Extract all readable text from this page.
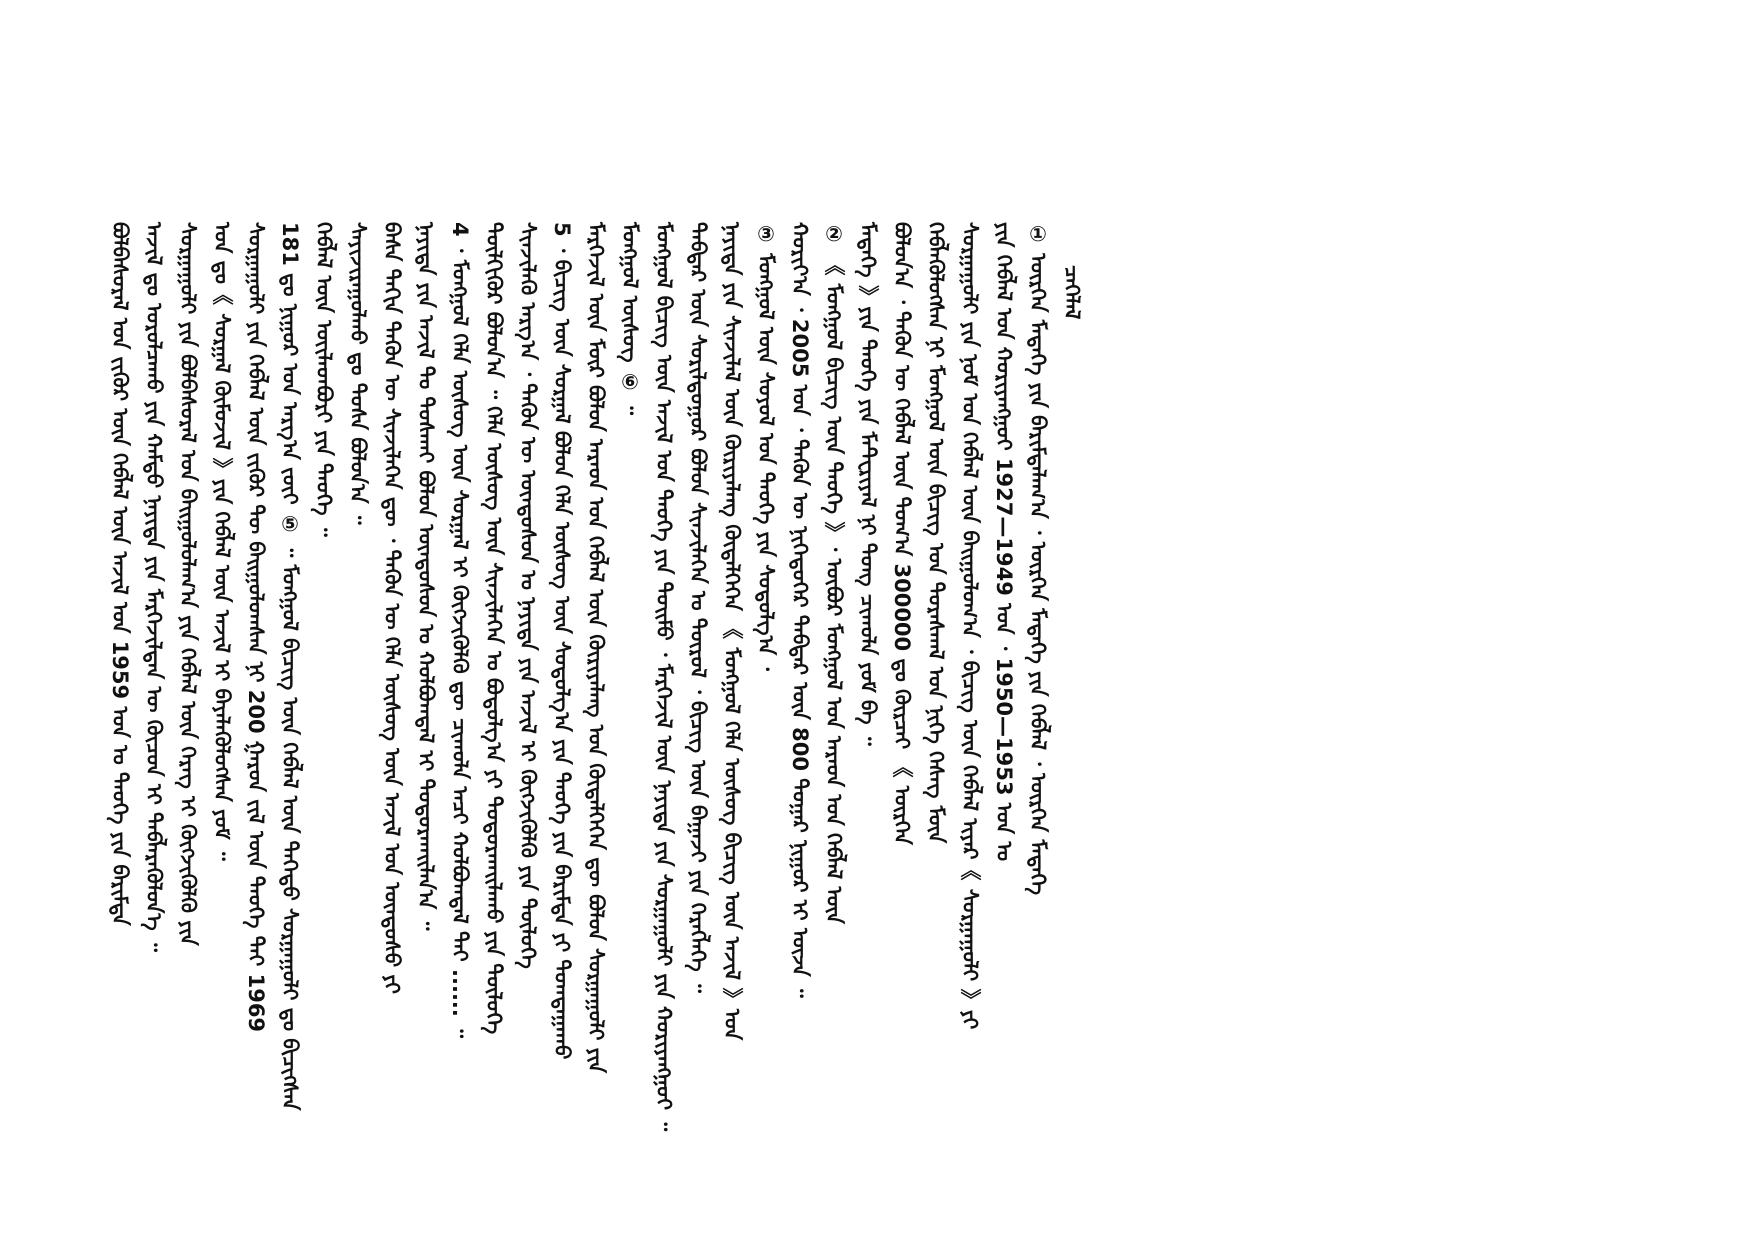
ᠴᠡᠭᠡᠯᠡᠯ
① ᠦᠷᠭᠡᠨ ᠮᠡᠳᠡᠭᠡ ᠶᠢᠨ ᠪᠠᠷᠢᠮᠲᠠᠯᠠᠭ᠎ᠠ ᠂ ᠦᠷᠭᠡᠨ ᠮᠡᠳᠡᠭᠡ ᠶᠢᠨ ᠬᠡᠪᠯᠡᠯ ᠂ ᠦᠷᠭᠡᠨ ᠮᠡᠳᠡᠭᠡ
ᠶᠢᠨ ᠬᠡᠪᠯᠡᠯ ᠤᠨ ᠬᠤᠷᠢᠶᠠᠩᠭᠤᠢ 1927—1949 ᠣᠨ ᠂ 1950—1953 ᠣᠨ ᠤ
ᠰᠤᠷᠭᠠᠭᠤᠯᠢ ᠶᠢᠨ ᠨᠣᠮ ᠤᠨ ᠬᠡᠪᠯᠡᠯ ᠦᠨ ᠪᠠᠢᠭᠤᠯᠤᠭ᠎ᠠ ᠂ ᠪᠢᠴᠢᠭ᠌ ᠦᠨ ᠬᠡᠪᠯᠡᠯ ᠢᠶᠡᠷ《 ᠰᠤᠷᠭᠠᠭᠤᠯᠢ 》ᠶᠢ
ᠬᠡᠪᠯᠡᠭᠦᠯᠦᠭᠰᠡᠨ ᠨᠢ ᠮᠤᠩᠭᠤᠯ ᠦᠨ ᠪᠢᠴᠢᠭ᠌ ᠤᠨ ᠳᠤᠷᠠᠰᠬᠠᠯ ᠤᠨ ᠨᠢᠭᠡ ᠬᠡᠰᠡᠭ ᠮᠥᠨ
ᠪᠤᠯᠤᠨ᠎ᠠ ᠂ ᠲᠡᠭᠦᠨ ᠦ ᠬᠡᠪᠯᠡᠯ ᠦᠨ ᠲᠤᠭ᠎ᠠ 300000 ᠳᠤ ᠬᠦᠷᠴᠡᠢ 《 ᠦᠷᠭᠡᠨ
ᠮᠡᠳᠡᠭᠡ 》ᠶᠢᠨ ᠲᠡᠦᠬᠡ ᠶᠢᠨ ᠮᠠᠲᠧᠷᠢᠶᠠᠯ ᠨᠢ ᠲᠤᠩ ᠴᠢᠬᠤᠯᠠ ᠶᠤᠮ ᠪᠠ ᠃
② 《 ᠮᠤᠩᠭᠤᠯ ᠪᠢᠴᠢᠭ᠌ ᠦᠨ ᠲᠡᠦᠬᠡ 》᠂ ᠦᠪᠦᠷ ᠮᠤᠩᠭᠤᠯ ᠤᠨ ᠠᠷᠠᠳ ᠤᠨ ᠬᠡᠪᠯᠡᠯ ᠦᠨ
ᠬᠣᠷᠢᠶ᠎ᠠ ᠂ 2005 ᠣᠨ ᠂ ᠲᠡᠭᠦᠨ ᠦ ᠨᠢᠭᠡᠳᠦᠭᠡᠷ ᠳᠡᠪᠲᠡᠷ ᠦᠨ 800 ᠳᠤᠭᠠᠷ ᠨᠢᠭᠤᠷ ᠢ ᠦᠵᠡ ᠃
③ ᠮᠣᠩᠭᠣᠯ ᠦᠨ ᠰᠣᠶᠣᠯ ᠤᠨ ᠲᠡᠦᠬᠡ ᠶᠢᠨ ᠰᠣᠳᠤᠯᠭ᠎ᠠ ᠂
ᠨᠡᠶᠢᠲᠡ ᠶᠢᠨ ᠰᠢᠨᠵᠢᠯᠡᠯ ᠦᠨ ᠬᠦᠷᠢᠶᠡᠯᠡᠩ ᠬᠦᠳᠡᠯᠭᠡᠭᠡᠨ 《 ᠮᠣᠩᠭᠣᠯ ᠬᠡᠯᠡ ᠦᠰᠦᠭ ᠪᠢᠴᠢᠭ᠌ ᠦᠨ ᠠᠵᠢᠯ 》ᠤᠨ
ᠳᠡᠪᠲᠡᠷ ᠦᠨ ᠰᠣᠷᠢᠯᠳᠤᠭᠤᠷ ᠪᠣᠯᠤᠨ ᠰᠢᠨᠵᠢᠯᠡᠭᠡᠨ ᠤ ᠲᠦᠷᠦᠯ ᠂ ᠪᠢᠴᠢᠭ᠌ ᠦᠨ ᠪᠠᠭᠠᠵᠢ ᠶᠢᠨ ᠬᠡᠷᠡᠭᠯᠡᠭᠡ ᠃
ᠮᠣᠩᠭᠣᠯ ᠪᠢᠴᠢᠭ᠌ ᠦᠨ ᠠᠵᠢᠯ ᠤᠨ ᠲᠡᠦᠬᠡ ᠶᠢᠨ ᠲᠣᠢᠮᠣ ᠂ ᠮᠡᠷᠭᠡᠵᠢᠯ ᠦᠨ ᠨᠡᠶᠢᠲᠡ ᠶᠢᠨ ᠰᠤᠷᠭᠠᠭᠤᠯᠢ ᠶᠢᠨ ᠬᠤᠷᠢᠶᠠᠩᠭᠤᠢ ᠃
ᠮᠣᠩᠭᠣᠯ ᠦᠰᠦᠭ ⑥ ᠃
ᠮᠡᠷᠭᠡᠵᠢᠯ ᠦᠨ ᠮᠥᠷ ᠪᠣᠯᠤᠨ ᠠᠷᠠᠳ ᠤᠨ ᠬᠡᠪᠯᠡᠯ ᠦᠨ ᠬᠦᠷᠢᠶᠡᠯᠡᠩ ᠤᠨ ᠬᠦᠳᠡᠯᠭᠡᠭᠡᠨ ᠳᠦ ᠪᠣᠯᠤᠨ ᠰᠤᠷᠭᠠᠭᠤᠯᠢ ᠶᠢᠨ
5 ᠂ ᠪᠢᠴᠢᠭ᠌ ᠦᠨ ᠰᠤᠷᠭᠠᠯ ᠪᠣᠯᠤᠨ ᠬᠡᠯᠡ ᠦᠰᠦᠭ ᠦᠨ ᠰᠣᠳᠤᠯᠭ᠎ᠠ ᠶᠢᠨ ᠲᠡᠦᠬᠡ ᠶᠢᠨ ᠪᠠᠷᠢᠮᠲᠠ ᠶᠢ ᠲᠣᠭᠲᠠᠭᠠᠬᠤ
ᠰᠢᠨᠵᠢᠯᠡᠬᠦ ᠠᠷᠭ᠎ᠠ ᠂ ᠲᠡᠭᠦᠨ ᠦ ᠦᠨᠳᠦᠰᠦᠨ ᠤ ᠨᠡᠶᠢᠲᠡ ᠶᠢᠨ ᠠᠵᠢᠯ ᠢ ᠬᠥᠭᠵᠢᠭᠦᠯᠬᠦ ᠶᠢᠨ ᠲᠥᠯᠦᠭᠡ
ᠲᠦᠯᠬᠢᠭᠦᠷ ᠪᠣᠯᠤᠨ᠎ᠠ ᠃ ᠬᠡᠯᠡ ᠦᠰᠦᠭ ᠦᠨ ᠰᠢᠨᠵᠢᠯᠡᠭᠡᠨ ᠤ ᠪᠣᠳᠤᠯᠭ᠎ᠠ ᠶᠢ ᠲᠣᠳᠣᠷᠬᠠᠢᠯᠠᠬᠤ ᠶᠢᠨ ᠲᠥᠯᠦᠭᠡ
4 ᠂ ᠮᠣᠩᠭᠣᠯ ᠬᠡᠯᠡ ᠦᠰᠦᠭ ᠦᠨ ᠰᠤᠷᠭᠠᠯ ᠢ ᠬᠥᠭᠵᠢᠭᠦᠯᠬᠦ ᠳᠦ ᠴᠢᠬᠤᠯᠠ ᠠᠴᠢ ᠬᠣᠯᠪᠣᠭᠳᠠᠯ ᠲᠠᠢ ...... ᠃
ᠨᠡᠶᠢᠲᠡ ᠶᠢᠨ ᠠᠵᠢᠯ ᠲᠤ ᠲᠤᠰᠬᠠᠢ ᠪᠣᠯᠤᠨ ᠦᠨᠳᠦᠰᠦᠨ ᠤ ᠬᠣᠯᠪᠣᠭᠳᠠᠯ ᠢ ᠲᠣᠳᠣᠷᠬᠠᠢᠯᠠᠨ᠎ᠠ ᠃
ᠪᠠᠰᠠ ᠳᠠᠬᠢᠨ ᠲᠡᠭᠦᠨ ᠦ ᠰᠢᠨᠵᠢᠯᠡᠭᠡᠨ ᠳᠦ ᠂ ᠲᠡᠭᠦᠨ ᠦ ᠬᠡᠯᠡ ᠦᠰᠦᠭ ᠦᠨ ᠠᠵᠢᠯ ᠤᠨ ᠦᠨᠳᠦᠰᠦ ᠶᠢ
ᠰᠠᠶᠢᠵᠢᠷᠠᠭᠤᠯᠬᠤ ᠳᠤ ᠲᠤᠰᠠ ᠪᠣᠯᠤᠨ᠎ᠠ ᠃
ᠬᠡᠪᠯᠡᠯ ᠦᠨ ᠦᠢᠯᠡᠳᠪᠦᠷᠢ ᠶᠢᠨ ᠲᠡᠦᠬᠡ ᠃
181 ᠳᠤ ᠨᠢᠭᠤᠷ ᠤᠨ ᠠᠷᠭ᠎ᠠ ᠵᠦᠢ ⑤ ᠃ ᠮᠣᠩᠭᠣᠯ ᠪᠢᠴᠢᠭ᠌ ᠦᠨ ᠬᠡᠪᠯᠡᠯ ᠦᠨ ᠳᠡᠭᠡᠳᠦ ᠰᠤᠷᠭᠠᠭᠤᠯᠢ ᠳᠤ ᠪᠢᠴᠢᠭᠰᠡᠨ
ᠰᠤᠷᠭᠠᠭᠤᠯᠢ ᠶᠢᠨ ᠬᠡᠪᠯᠡᠯ ᠦᠨ ᠵᠢᠭᠦᠷ ᠲᠦ ᠪᠠᠢᠭᠤᠯᠤᠭᠰᠠᠨ ᠨᠢ 200 ᠭᠠᠷᠤᠨ ᠵᠢᠯ ᠦᠨ ᠲᠡᠦᠬᠡ ᠲᠡᠢ 1969
ᠣᠨ ᠳᠤ《 ᠰᠤᠷᠭᠠᠯ ᠬᠥᠮᠦᠵᠢᠯ 》ᠶᠢᠨ ᠬᠡᠪᠯᠡᠯ ᠦᠨ ᠠᠵᠢᠯ ᠢ ᠪᠡᠶᠡᠯᠡᠭᠦᠯᠦᠭᠰᠡᠨ ᠶᠤᠮ ᠃
ᠰᠤᠷᠭᠠᠭᠤᠯᠢ ᠶᠢᠨ ᠪᠣᠯᠪᠠᠰᠤᠷᠠᠯ ᠤᠨ ᠪᠠᠢᠭᠤᠯᠤᠯᠠᠭ᠎ᠠ ᠶᠢᠨ ᠬᠡᠪᠯᠡᠯ ᠦᠨ ᠬᠡᠷᠡᠭ ᠢ ᠬᠥᠭᠵᠢᠭᠦᠯᠬᠦ ᠶᠢᠨ
ᠠᠵᠢᠯ ᠳᠤ ᠣᠷᠣᠯᠴᠠᠬᠤ ᠶᠢᠨ ᠬᠠᠮᠲᠤ ᠨᠡᠶᠢᠲᠡ ᠶᠢᠨ ᠮᠡᠷᠭᠡᠵᠢᠯᠲᠡᠨ ᠦ ᠬᠦᠴᠦᠨ ᠢ ᠲᠡᠪᠯᠡᠷᠡᠭᠦᠯᠦᠨ᠎ᠡ ᠃
ᠪᠣᠯᠪᠠᠰᠤᠷᠠᠯ ᠤᠨ ᠵᠢᠭᠦᠷ ᠦᠨ ᠬᠡᠪᠯᠡᠯ ᠦᠨ ᠠᠵᠢᠯ ᠤᠨ 1959 ᠣᠨ ᠤ ᠲᠡᠦᠬᠡ ᠶᠢᠨ ᠪᠠᠷᠢᠮᠲᠠ
